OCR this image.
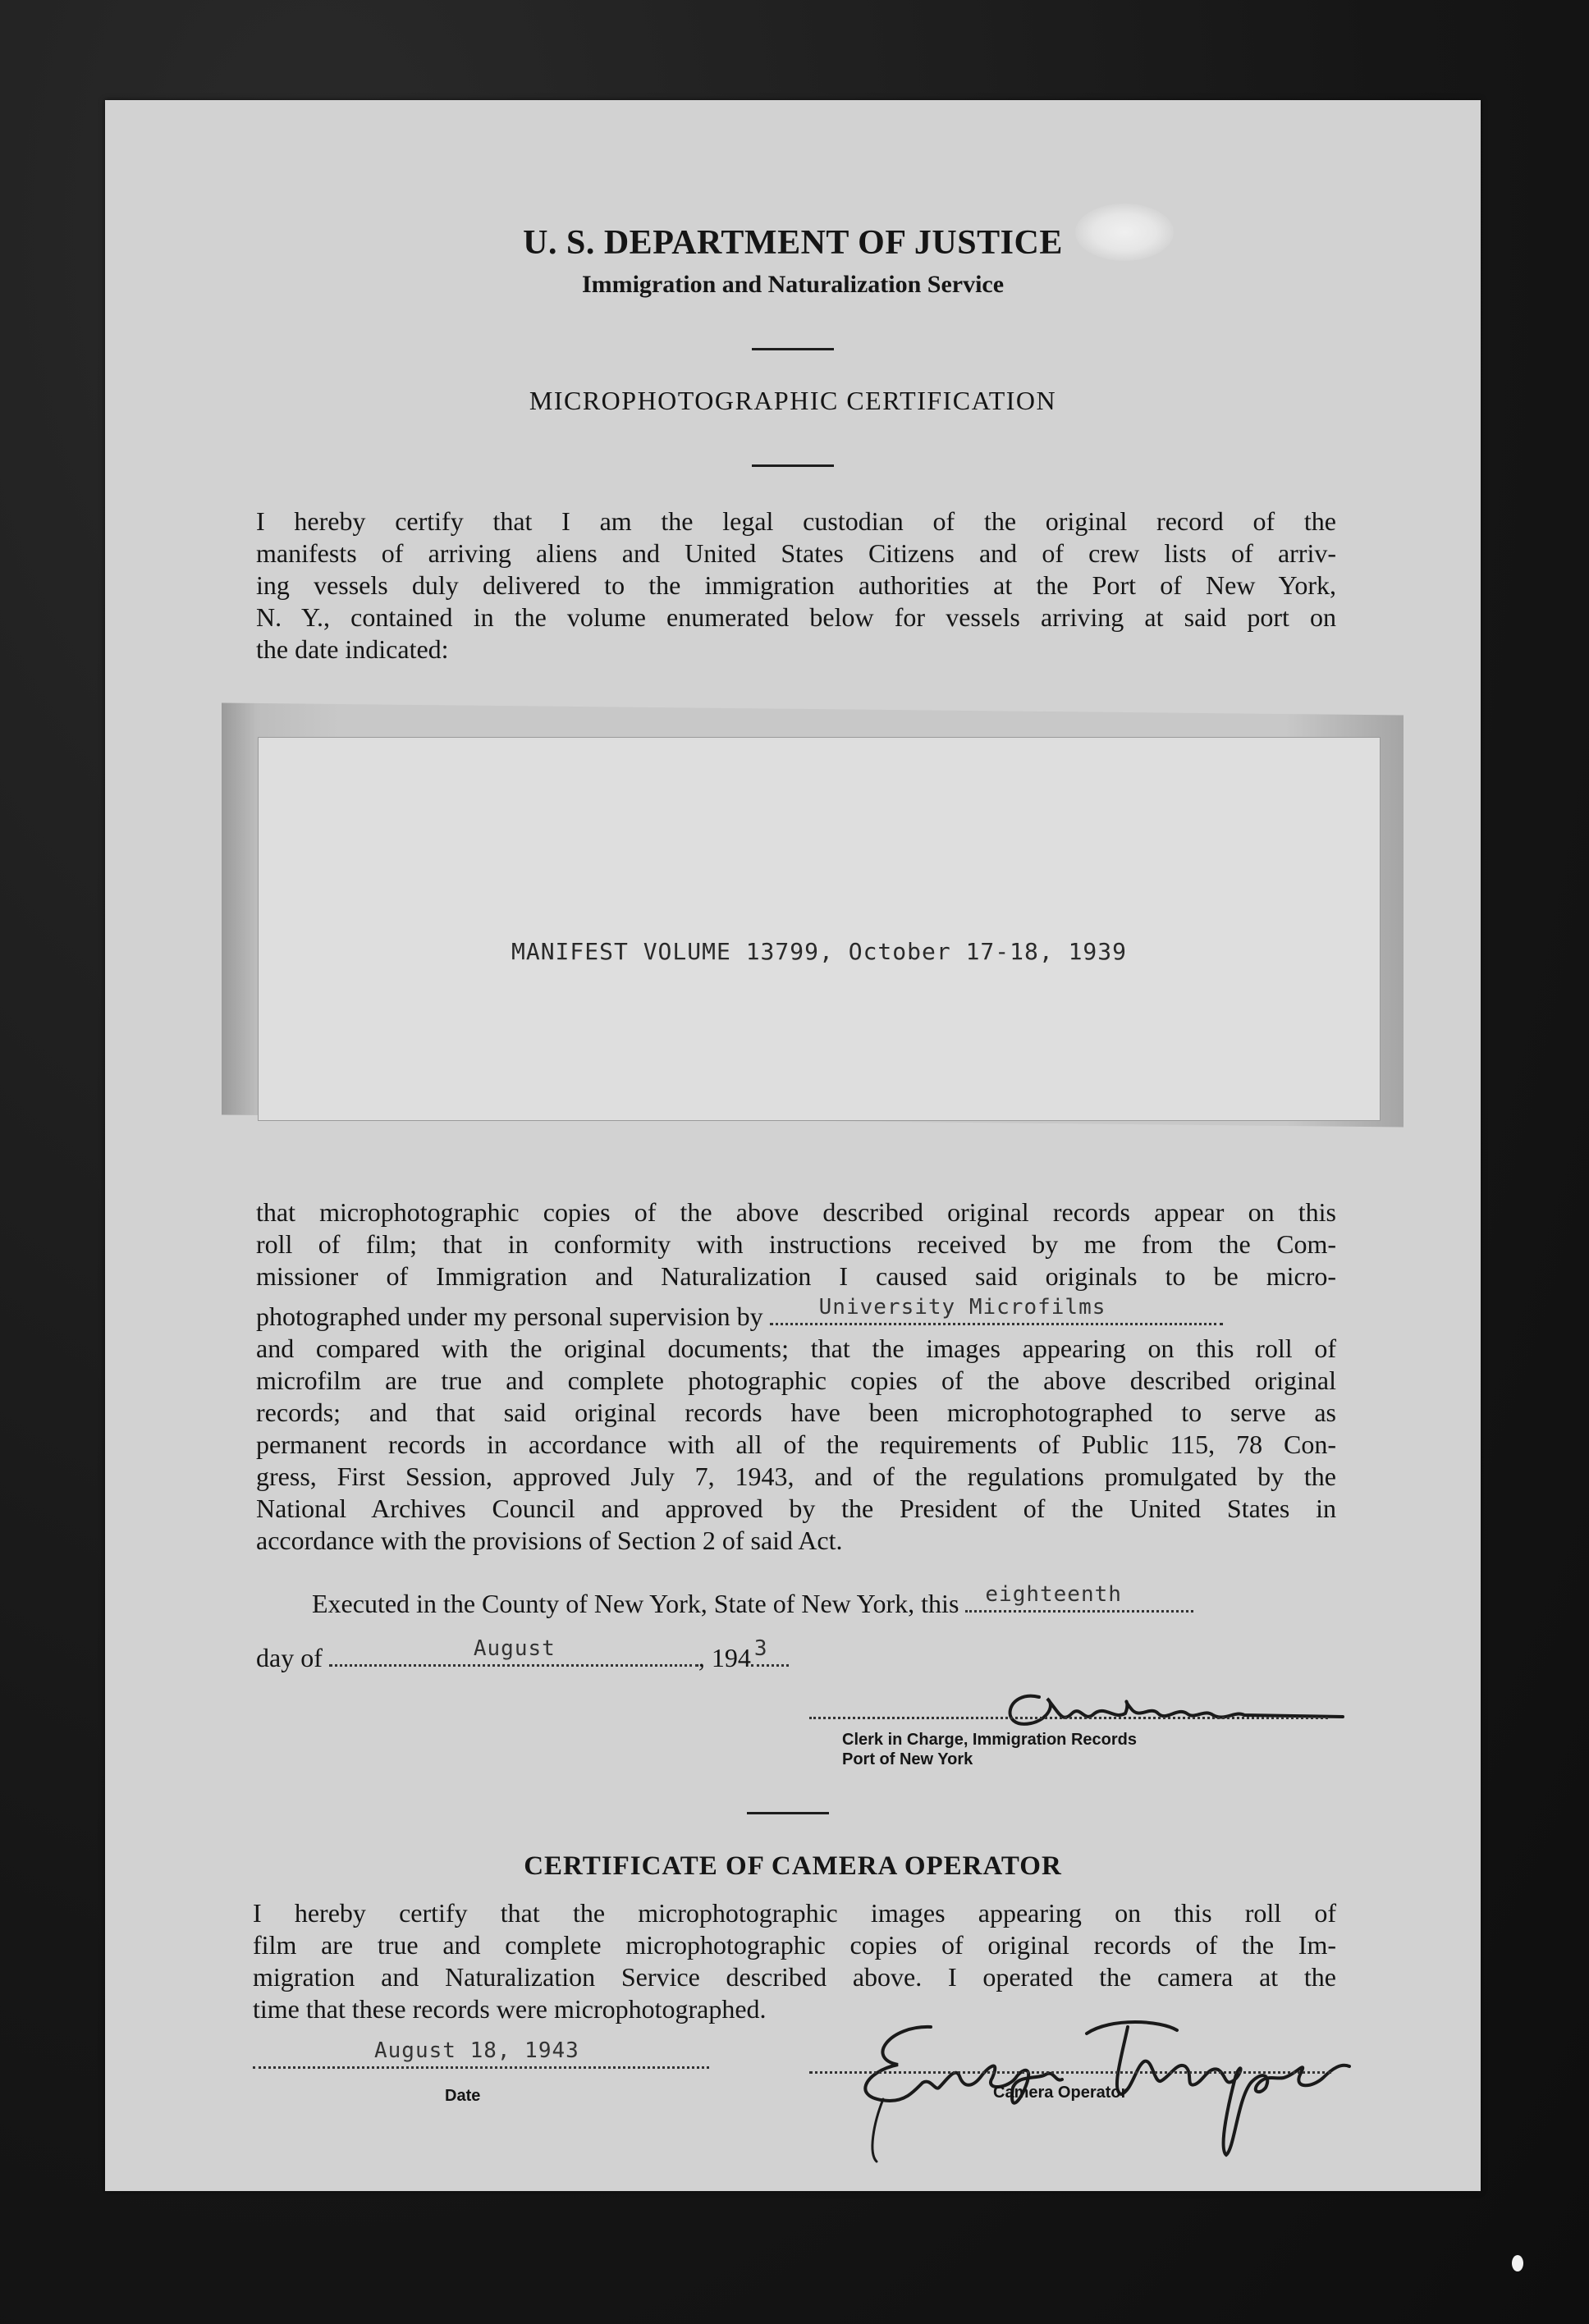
U. S. DEPARTMENT OF JUSTICE
Immigration and Naturalization Service
MICROPHOTOGRAPHIC CERTIFICATION
I hereby certify that I am the legal custodian of the original record of the
manifests of arriving aliens and United States Citizens and of crew lists of arriv-
ing vessels duly delivered to the immigration authorities at the Port of New York,
N. Y., contained in the volume enumerated below for vessels arriving at said port on
the date indicated:
MANIFEST VOLUME 13799, October 17-18, 1939
that microphotographic copies of the above described original records appear on this
roll of film; that in conformity with instructions received by me from the Com-
missioner of Immigration and Naturalization I caused said originals to be micro-
photographed under my personal supervision by	University Microfilms
and compared with the original documents; that the images appearing on this roll of
microfilm are true and complete photographic copies of the above described original
records; and that said original records have been microphotographed to serve as
permanent records in accordance with all of the requirements of Public 115, 78 Con-
gress, First Session, approved July 7, 1943, and of the regulations promulgated by the
National Archives Council and approved by the President of the United States in
accordance with the provisions of Section 2 of said Act.
Executed in the County of New York, State of New York, this eighteenth
day of	August	, 194 3
Clerk in Charge, Immigration Records
Port of New York
CERTIFICATE OF CAMERA OPERATOR
I hereby certify that the microphotographic images appearing on this roll of
film are true and complete microphotographic copies of original records of the Im-
migration and Naturalization Service described above. I operated the camera at the
time that these records were microphotographed.
August 18, 1943
Date	Camera Operator
